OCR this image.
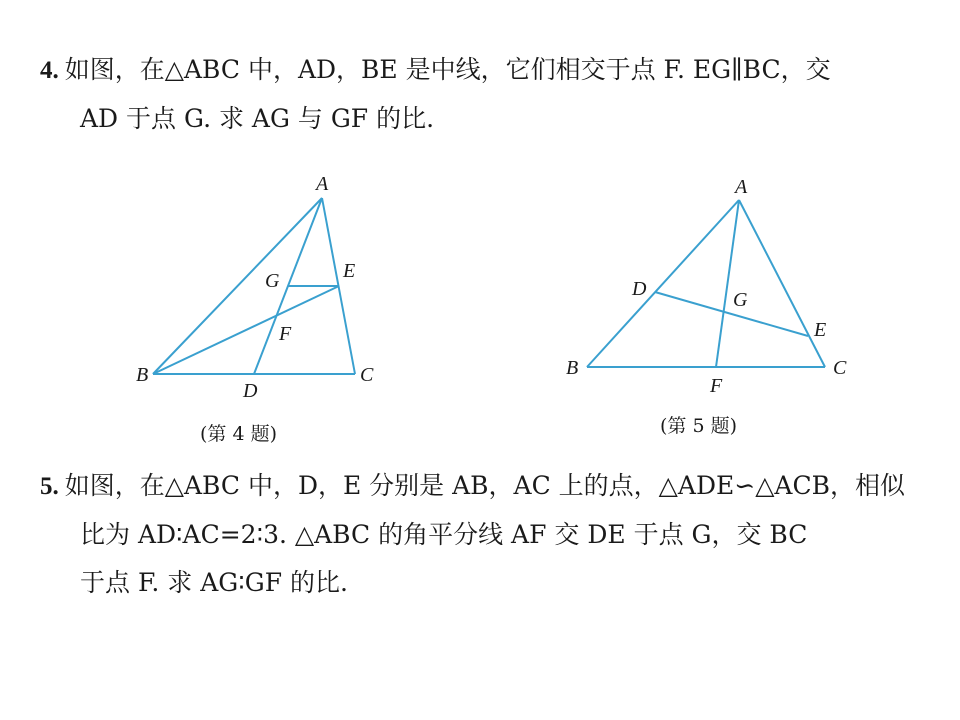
4. 如图，在△ABC 中，AD，BE 是中线，它们相交于点 F. EG∥BC，交
AD 于点 G. 求 AG 与 GF 的比.
A
B	C
D
E
F
G
(第 4 题)
A
B	C
D
E
F
G
(第 5 题)
5. 如图，在△ABC 中，D，E 分别是 AB，AC 上的点，△ADE∽△ACB，相似
比为 AD∶AC=2∶3. △ABC 的角平分线 AF 交 DE 于点 G，交 BC
于点 F. 求 AG∶GF 的比.
